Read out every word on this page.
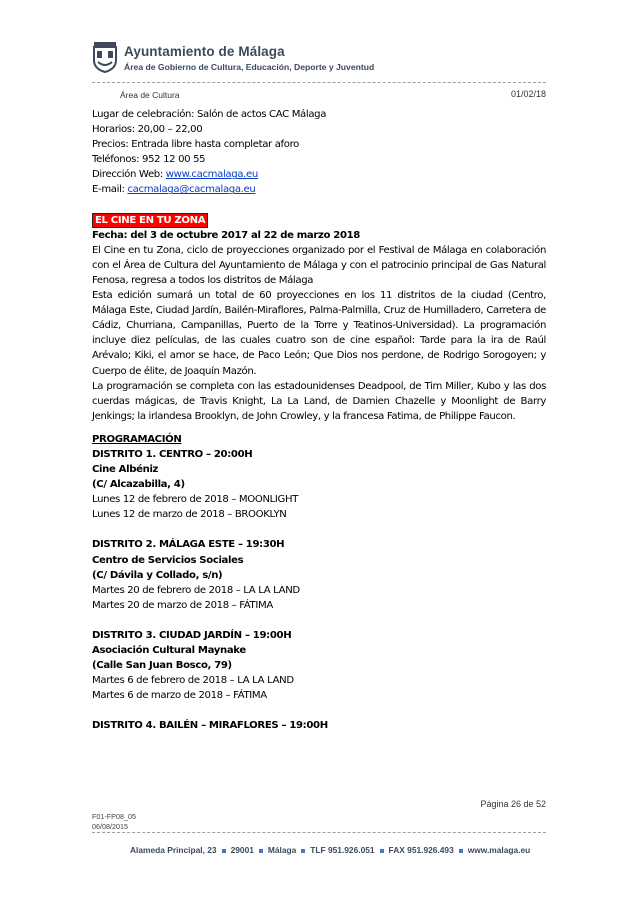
Ayuntamiento de Málaga
Área de Gobierno de Cultura, Educación, Deporte y Juventud
Área de Cultura	01/02/18

Lugar de celebración: Salón de actos CAC Málaga

Horarios: 20,00 – 22,00

Precios: Entrada libre hasta completar aforo

Teléfonos: 952 12 00 55

Dirección Web: www.cacmalaga.eu

E-mail: cacmalaga@cacmalaga.eu

EL CINE EN TU ZONA

Fecha: del 3 de octubre 2017 al 22 de marzo 2018

El Cine en tu Zona, ciclo de proyecciones organizado por el Festival de Málaga en colaboración con el Área de Cultura del Ayuntamiento de Málaga y con el patrocinio principal de Gas Natural Fenosa, regresa a todos los distritos de Málaga

Esta edición sumará un total de 60 proyecciones en los 11 distritos de la ciudad (Centro, Málaga Este, Ciudad Jardín, Bailén-Miraflores, Palma-Palmilla, Cruz de Humilladero, Carretera de Cádiz, Churriana, Campanillas, Puerto de la Torre y Teatinos-Universidad). La programación incluye diez películas, de las cuales cuatro son de cine español: Tarde para la ira de Raúl Arévalo; Kiki, el amor se hace, de Paco León; Que Dios nos perdone, de Rodrigo Sorogoyen; y Cuerpo de élite, de Joaquín Mazón.

La programación se completa con las estadounidenses Deadpool, de Tim Miller, Kubo y las dos cuerdas mágicas, de Travis Knight, La La Land, de Damien Chazelle y Moonlight de Barry Jenkings; la irlandesa Brooklyn, de John Crowley, y la francesa Fatima, de Philippe Faucon.

PROGRAMACIÓN

DISTRITO 1. CENTRO – 20:00H

Cine Albéniz

(C/ Alcazabilla, 4)

Lunes 12 de febrero de 2018 – MOONLIGHT

Lunes 12 de marzo de 2018 – BROOKLYN

DISTRITO 2. MÁLAGA ESTE – 19:30H

Centro de Servicios Sociales

(C/ Dávila y Collado, s/n)

Martes 20 de febrero de 2018 – LA LA LAND

Martes 20 de marzo de 2018 – FÁTIMA

DISTRITO 3. CIUDAD JARDÍN – 19:00H

Asociación Cultural Maynake

(Calle San Juan Bosco, 79)

Martes 6 de febrero de 2018 – LA LA LAND

Martes 6 de marzo de 2018 – FÁTIMA

DISTRITO 4. BAILÉN – MIRAFLORES – 19:00H

Página 26 de 52
F01-FP08_05
06/08/2015
Alameda Principal, 23 29001 Málaga TLF 951.926.051 FAX 951.926.493 www.malaga.eu
